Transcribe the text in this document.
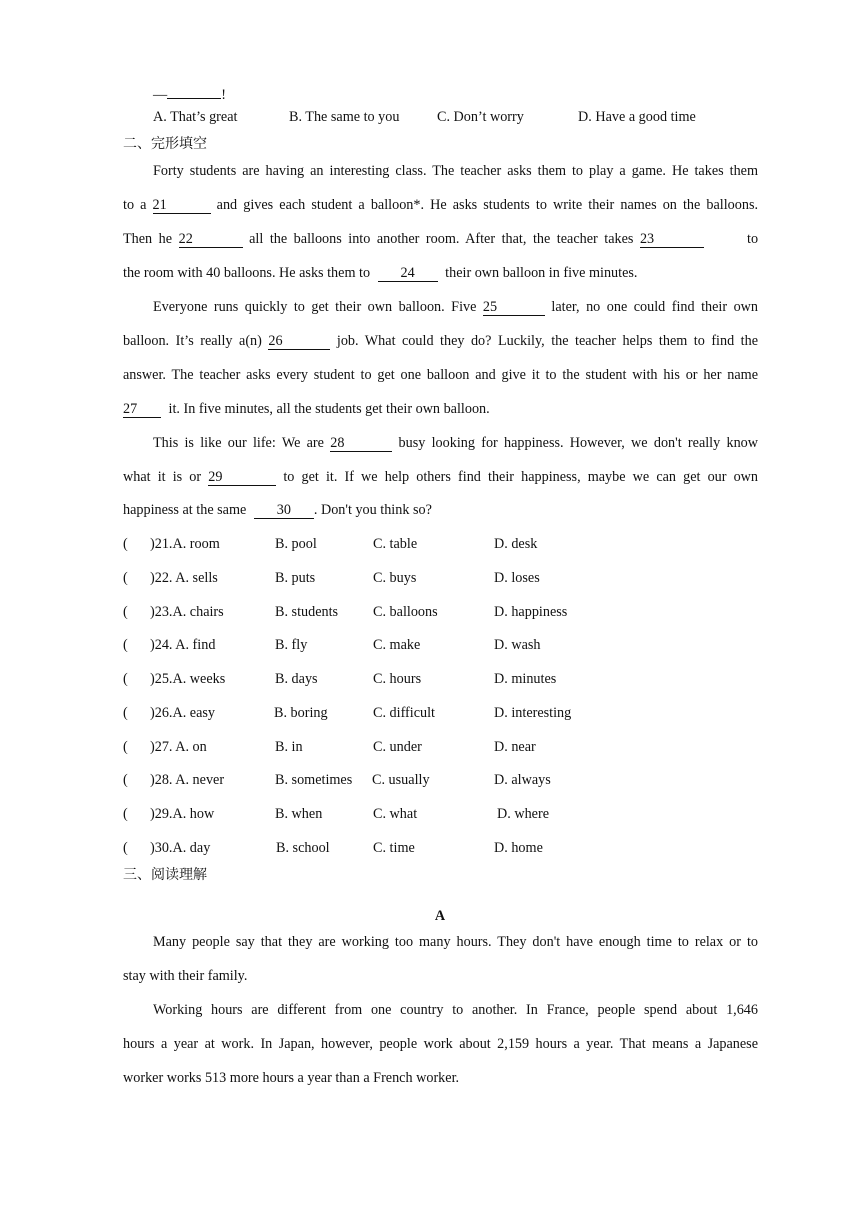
—	!
A. That’s great	B. The same to you	C. Don’t worry	D. Have a good time
二、完形填空
Forty students are having an interesting class. The teacher asks them to play a game. He takes them
to a 21	and gives each student a balloon*. He asks students to write their names on the balloons.
Then he 22	all the balloons into another room. After that, the teacher takes 23	to
the room with 40 balloons. He asks them to 24 their own balloon in five minutes.
Everyone runs quickly to get their own balloon. Five 25	later, no one could find their own
balloon. It’s really a(n) 26	job. What could they do? Luckily, the teacher helps them to find the
answer. The teacher asks every student to get one balloon and give it to the student with his or her name
27 it. In five minutes, all the students get their own balloon.
This is like our life: We are 28	busy looking for happiness. However, we don't really know
what it is or 29	to get it. If we help others find their happiness, maybe we can get our own
happiness at the same 30 . Don't you think so?
( )21.A. room	B. pool	C. table	D. desk
( )22. A. sells	B. puts	C. buys	D. loses
( )23.A. chairs	B. students C. balloons	D. happiness
( )24. A. find	B. fly	C. make	D. wash
( )25.A. weeks	B. days	C. hours	D. minutes
( )26.A. easy	B. boring	C. difficult	D. interesting
( )27. A. on	B. in	C. under	D. near
( )28. A. never	B. sometimes C. usually	D. always
( )29.A. how	B. when	C. what	D. where
( )30.A. day	B. school	C. time	D. home
三、阅读理解
A
Many people say that they are working too many hours. They don't have enough time to relax or to
stay with their family.
Working hours are different from one country to another. In France, people spend about 1,646
hours a year at work. In Japan, however, people work about 2,159 hours a year. That means a Japanese
worker works 513 more hours a year than a French worker.
